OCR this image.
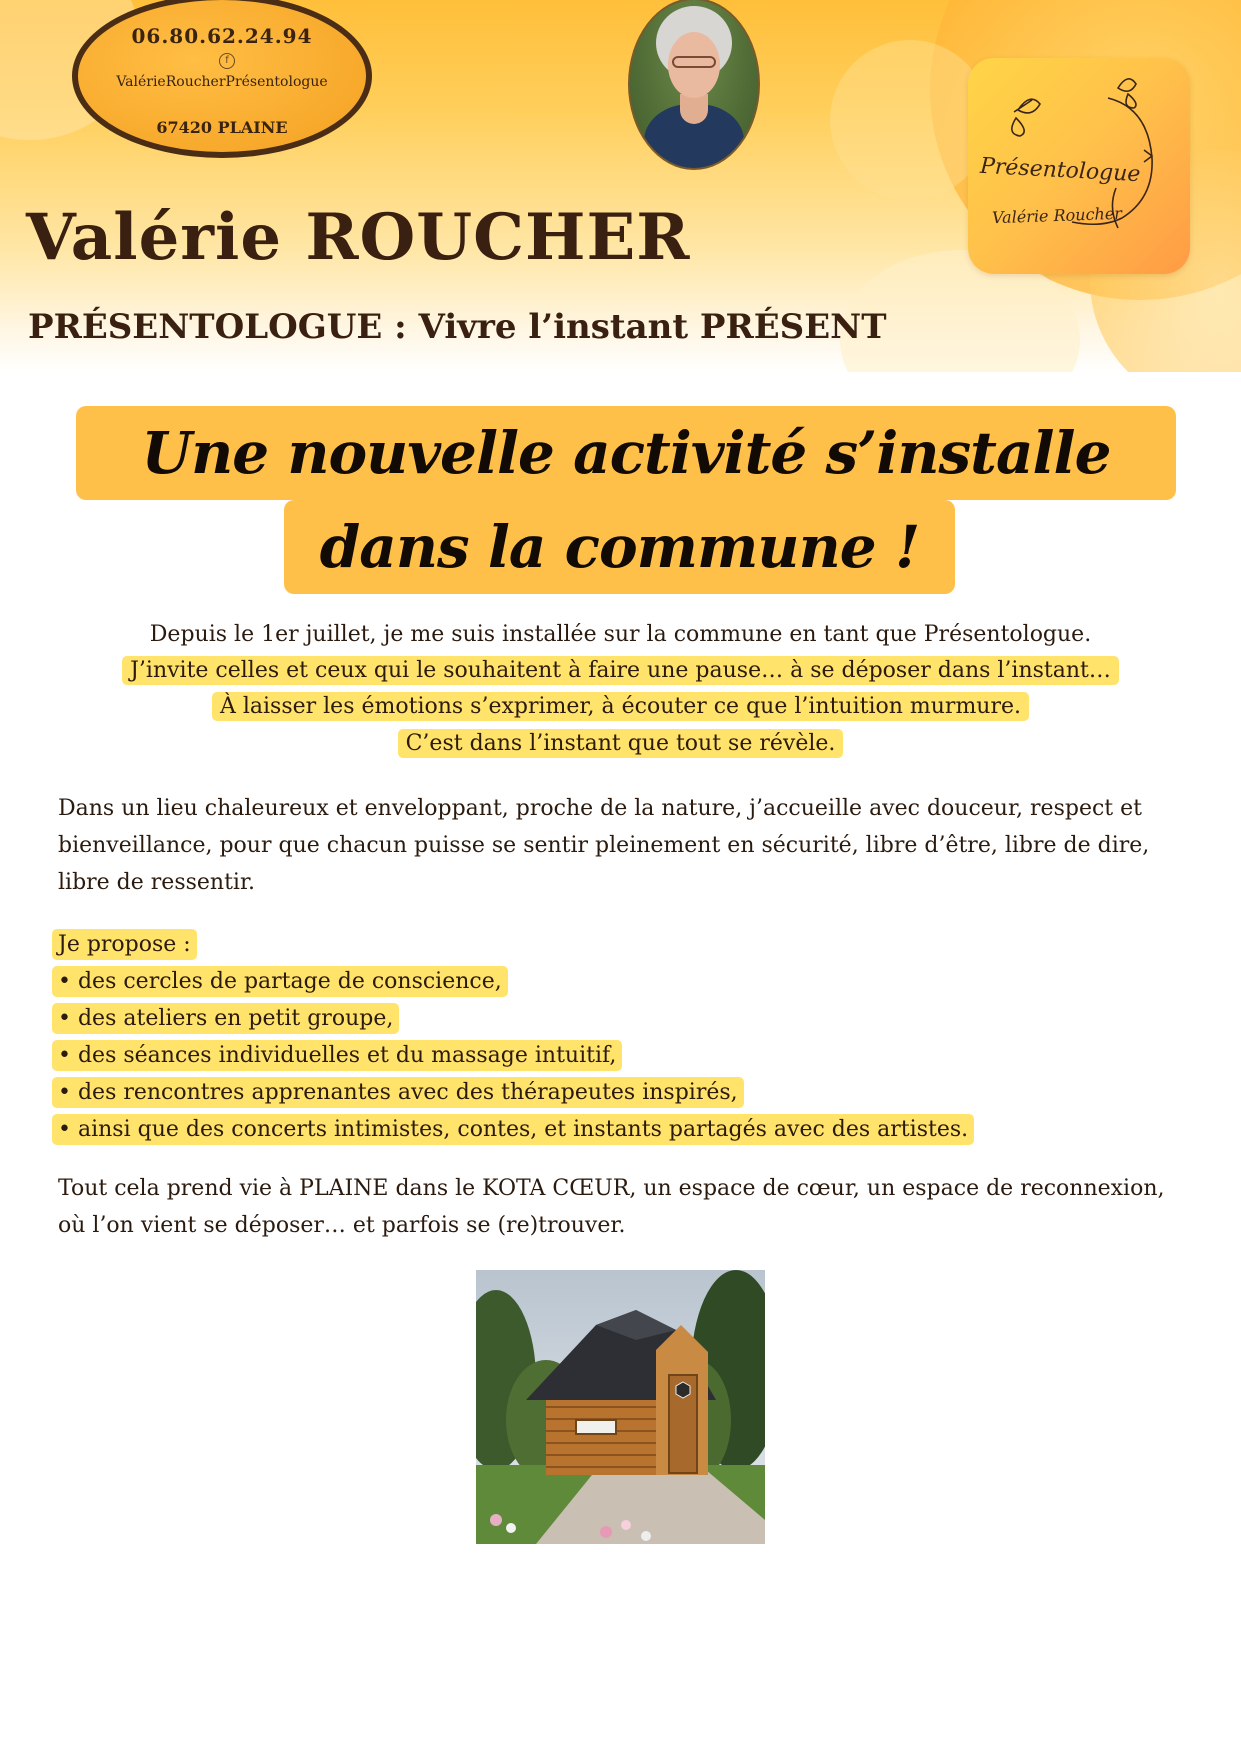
06.80.62.24.94
f
ValérieRoucherPrésentologue
67420 PLAINE
Présentologue
Valérie Roucher
Valérie ROUCHER
PRÉSENTOLOGUE : Vivre l’instant PRÉSENT
Une nouvelle activité s’installe
dans la commune !
Depuis le 1er juillet, je me suis installée sur la commune en tant que Présentologue.
J’invite celles et ceux qui le souhaitent à faire une pause… à se déposer dans l’instant…
À laisser les émotions s’exprimer, à écouter ce que l’intuition murmure.
C’est dans l’instant que tout se révèle.
Dans un lieu chaleureux et enveloppant, proche de la nature, j’accueille avec douceur, respect et bienveillance, pour que chacun puisse se sentir pleinement en sécurité, libre d’être, libre de dire, libre de ressentir.
Je propose :
• des cercles de partage de conscience,
• des ateliers en petit groupe,
• des séances individuelles et du massage intuitif,
• des rencontres apprenantes avec des thérapeutes inspirés,
• ainsi que des concerts intimistes, contes, et instants partagés avec des artistes.
Tout cela prend vie à PLAINE dans le KOTA CŒUR, un espace de cœur, un espace de reconnexion, où l’on vient se déposer… et parfois se (re)trouver.
